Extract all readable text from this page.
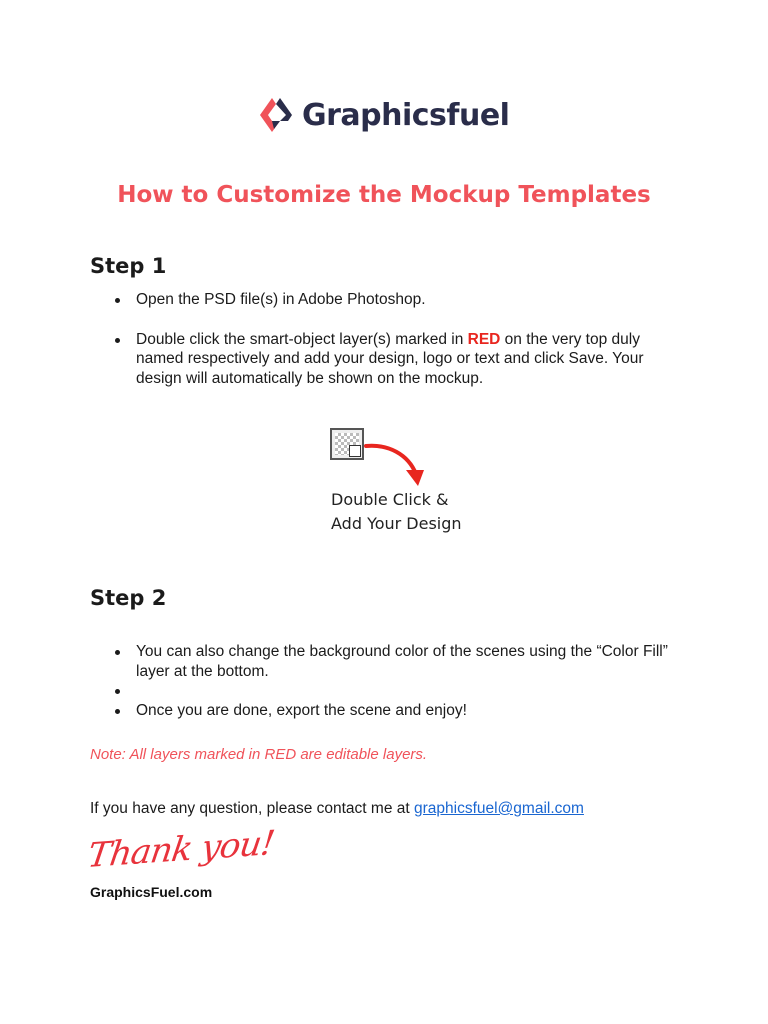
Graphicsfuel
How to Customize the Mockup Templates
Step 1
Open the PSD file(s) in Adobe Photoshop.
Double click the smart-object layer(s) marked in RED on the very top duly named respectively and add your design, logo or text and click Save. Your design will automatically be shown on the mockup.
Double Click &
Add Your Design
Step 2
You can also change the background color of the scenes using the “Color Fill” layer at the bottom.
Once you are done, export the scene and enjoy!
Note: All layers marked in RED are editable layers.
If you have any question, please contact me at graphicsfuel@gmail.com
Thank you!
GraphicsFuel.com
